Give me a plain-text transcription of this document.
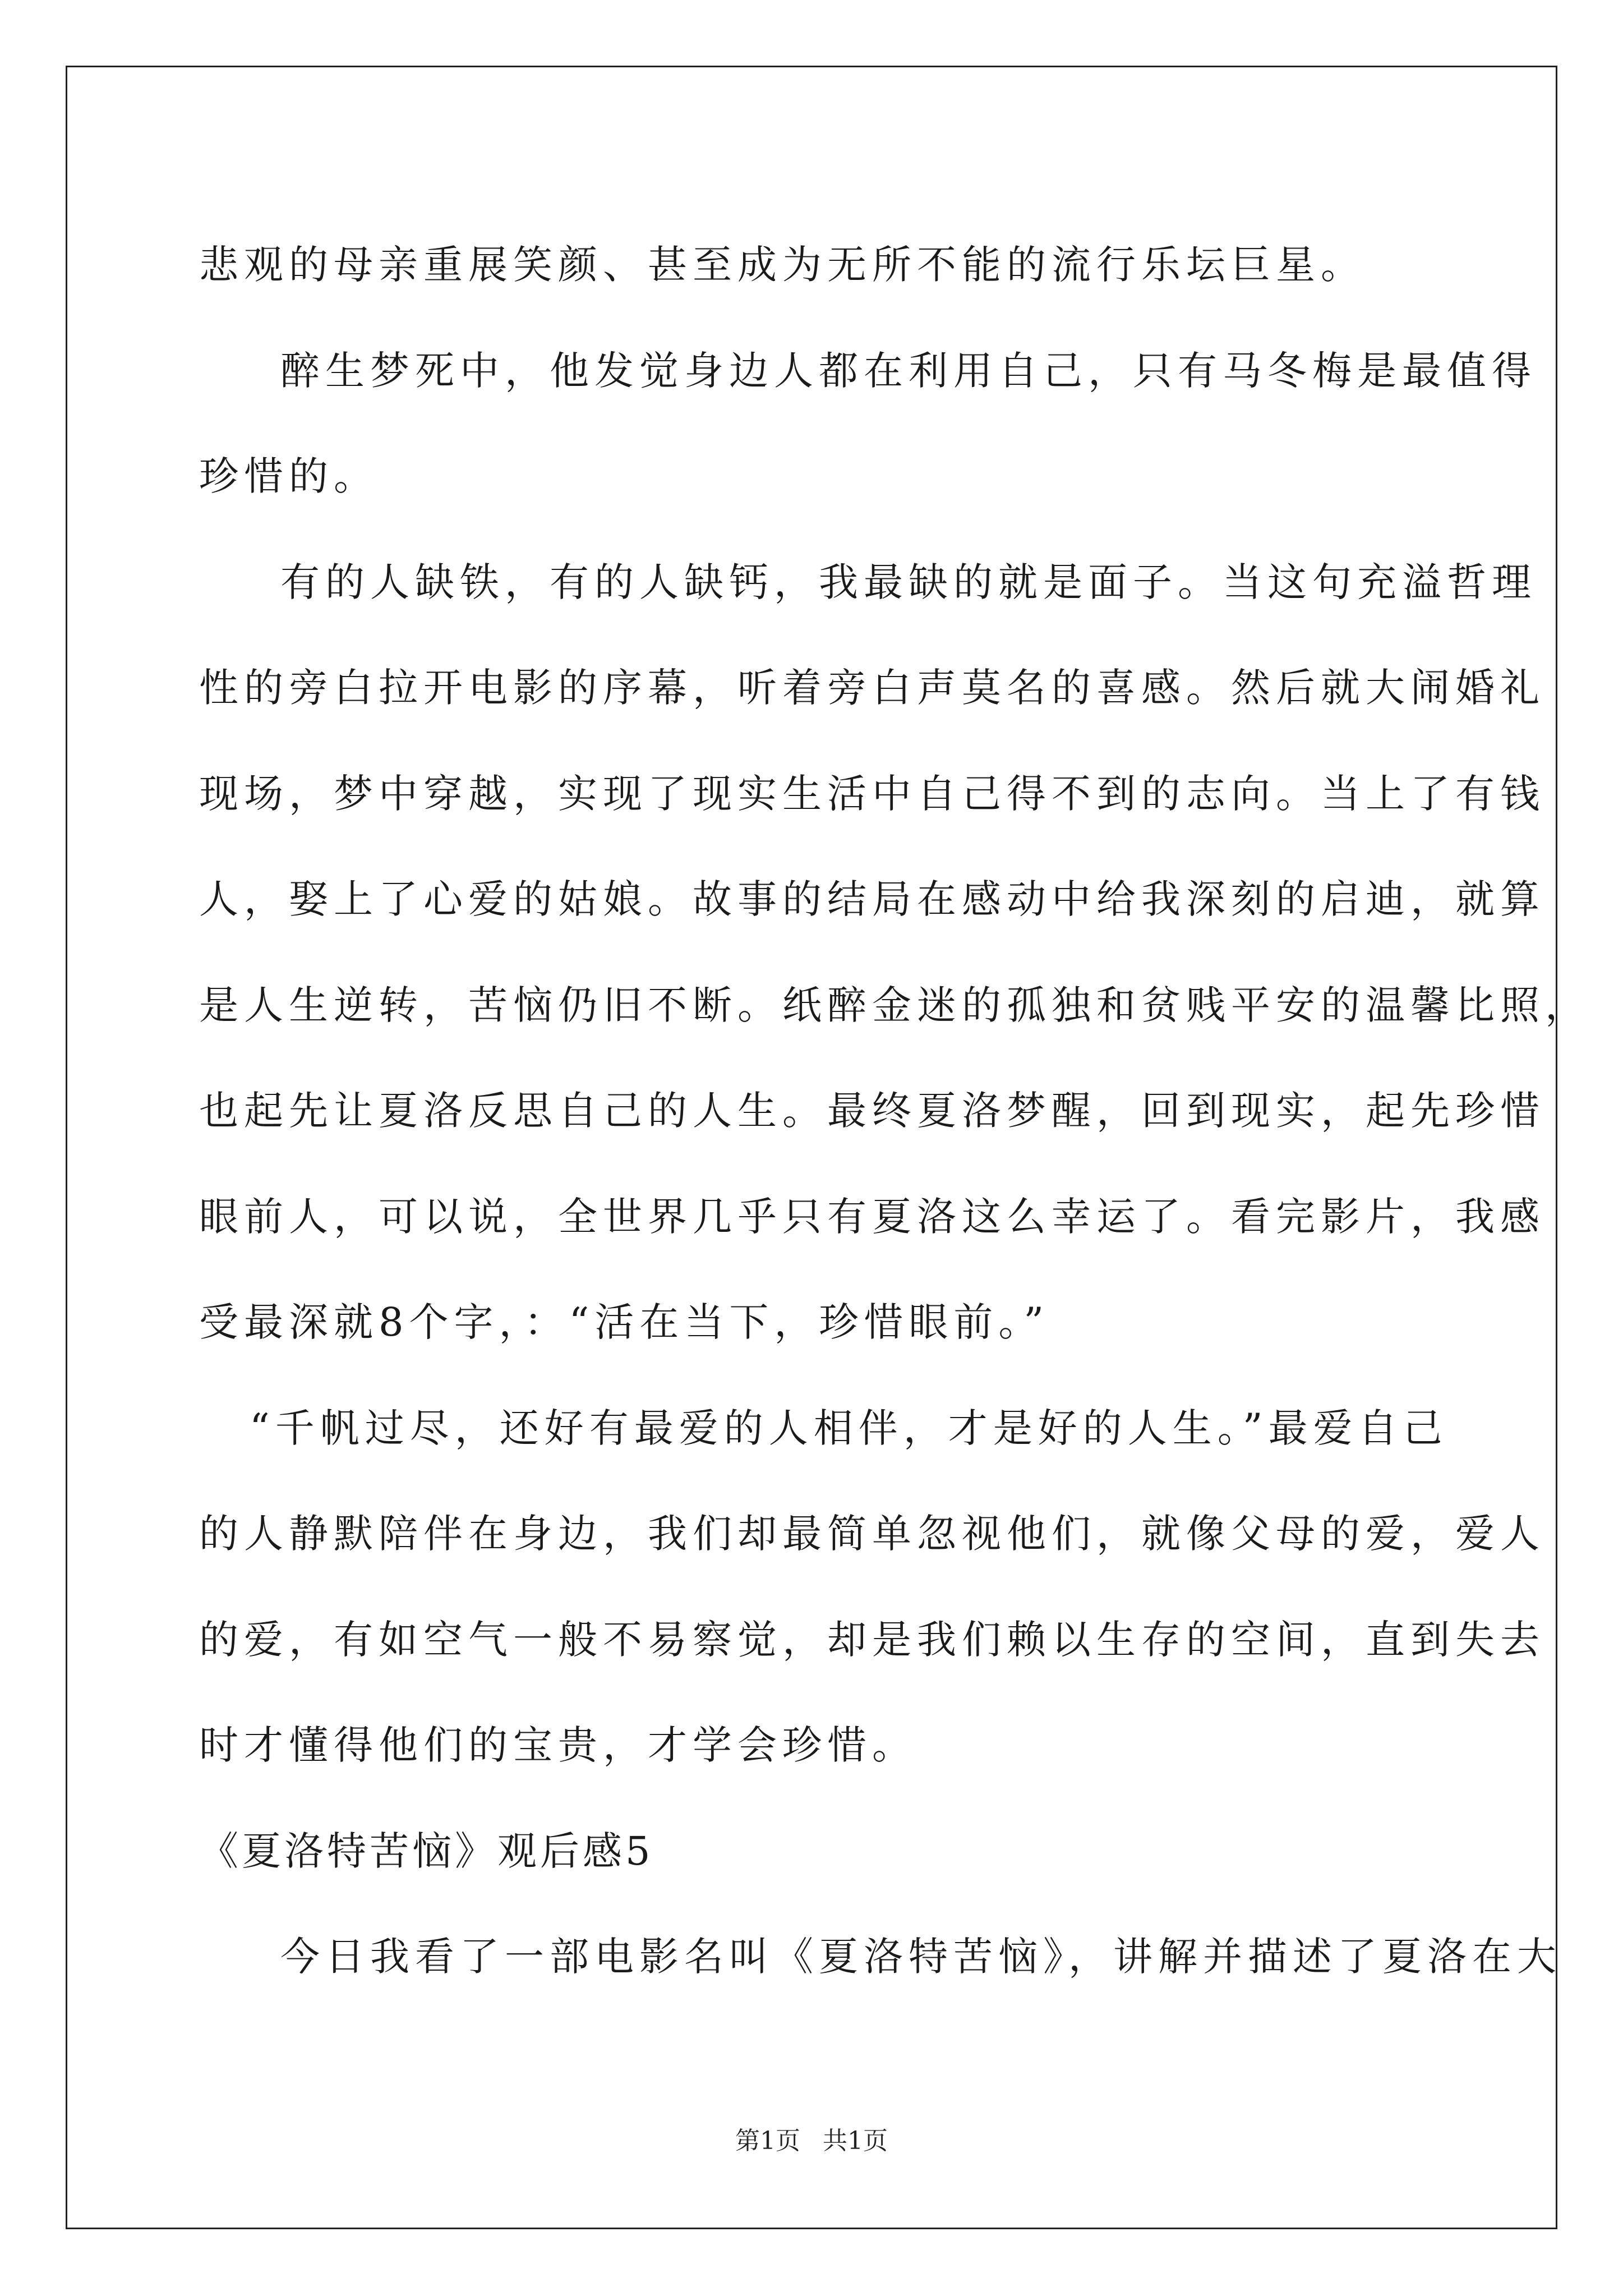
悲观的母亲重展笑颜、甚至成为无所不能的流行乐坛巨星。

醉生梦死中，他发觉身边人都在利用自己，只有马冬梅是最值得

珍惜的。

有的人缺铁，有的人缺钙，我最缺的就是面子。当这句充溢哲理

性的旁白拉开电影的序幕，听着旁白声莫名的喜感。然后就大闹婚礼

现场，梦中穿越，实现了现实生活中自己得不到的志向。当上了有钱

人，娶上了心爱的姑娘。故事的结局在感动中给我深刻的启迪，就算

是人生逆转，苦恼仍旧不断。纸醉金迷的孤独和贫贱平安的温馨比照，

也起先让夏洛反思自己的人生。最终夏洛梦醒，回到现实，起先珍惜

眼前人，可以说，全世界几乎只有夏洛这么幸运了。看完影片，我感

受最深就8个字，：“活在当下，珍惜眼前。”

“千帆过尽，还好有最爱的人相伴，才是好的人生。”最爱自己

的人静默陪伴在身边，我们却最简单忽视他们，就像父母的爱，爱人

的爱，有如空气一般不易察觉，却是我们赖以生存的空间，直到失去

时才懂得他们的宝贵，才学会珍惜。

《夏洛特苦恼》观后感5

今日我看了一部电影名叫《夏洛特苦恼》，讲解并描述了夏洛在大

第1页 共1页
